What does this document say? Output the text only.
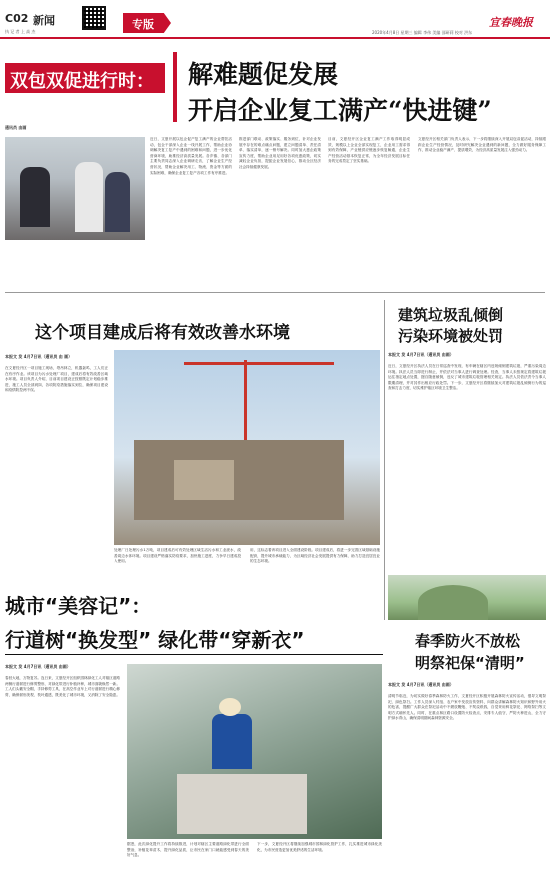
C02 新闻
执 记 者 上 高 杰
专版	宜春晚报
2020年4月8日 星期三 编辑 李伟 美编 邵研莉 校对 洪东
双包双促进行时： 解难题促发展
开启企业复工满产“快进键”
通讯员 由画
近日，文夏开展以包企促产复工满产的企业帮扶活动，包企干部深入企业一线开展工作，帮助企业协调解决复工复产中遇到的困难和问题，进一步优化营商环境，助推经济高质量发展。各乡镇、各部门主要负责同志深入企业调研走访，了解企业生产经营状况，帮助企业解决用工、物流、资金等方面的实际困难，确保企业复工复产各项工作有序推进。
推进部门联动、政策落实、服务到位，针对企业发展中存在的难点痛点问题，建立问题清单、责任清单、落实清单，逐一销号解决。同时加大惠企政策宣传力度，帮助企业用足用好各项优惠政策，切实减轻企业负担，提振企业发展信心，推动全区经济社会持续健康发展。
目前，文夏经开区企业复工满产工作取得明显成效，规模以上企业全部实现复工，企业用工需求得到有效保障，产业链供应链逐步恢复畅通，企业生产经营活动基本恢复正常，为全年经济发展目标任务的完成奠定了坚实基础。
文夏经开区相关部门负责人表示，下一步将继续深入开展双包双促活动，持续跟踪企业生产经营情况，及时研究解决企业遇到的新问题，全力做好服务保障工作，推动企业稳产满产、提质增效，为经济高质量发展注入强劲动力。
这个项目建成后将有效改善水环境
本报文 发 4月7日讯（通讯员 由 画）
在文夏经开区一项目施工现场，塔吊林立，机器轰鸣，工人们正在有序作业。该项目为污水处理厂项目，建成后将有效改善区域水环境。项目负责人介绍，目前项目建设正按照既定计划稳步推进，施工人员全部到岗，各项防疫措施落实到位，确保项目建设和疫情防控两不误。
处理厂日处理污水1万吨，项目建成后可有效处理区域生活污水和工业废水，改善周边水体环境。项目建设严格落实防疫要求，加快施工进度，力争早日建成投入使用。
用，这标志着该项目进入全面建设阶段。项目建成后，将进一步完善区域基础设施配套，提升城市承载能力，为区域经济社会发展提供有力保障，助力打造宜居宜业的生态环境。
建筑垃圾乱倾倒
污染环境被处罚
本报文 发 4月7日讯（通讯员 由画）
近日，文夏经开区执法人员在日常巡查中发现，有车辆在辖区内违规倾倒建筑垃圾，严重污染周边环境。执法人员当即进行制止，并依法对当事人进行调查处理。经查，当事人未按规定将建筑垃圾运往指定地点处置，擅自随意倾倒，违反了城市建筑垃圾管理相关规定。执法人员依法责令当事人限期清理，并对其作出相应行政处罚。下一步，文夏经开区将继续加大对建筑垃圾乱倾倒行为的巡查和打击力度，切实维护辖区环境卫生整洁。
城市“美容记”：
行道树“换发型” 绿化带“穿新衣”
本报文 发 4月7日讯（通讯员 由画）
春回大地，万物复苏。连日来，文夏经开区组织园林绿化工人对辖区道路两侧行道树进行修剪整形，对绿化带进行补植补种，城市面貌焕然一新。工人们头戴安全帽，手持修剪工具，在高空作业车上对行道树进行精心修剪，确保树形美观、枝叶通透，既美化了城市环境，又消除了安全隐患。
据悉，此次绿化提升工作将持续推进，计划对辖区主要道路绿化带进行全面整治，补植花草苗木，提升绿化品质，让市民在家门口就能感受到春天的美好气息。
下一步，文夏经开区将继续加强城市园林绿化管护工作，扎实推进城市绿化美化，为市民营造更加优美舒适的生活环境。
春季防火不放松
明祭祀保“清明”
本报文 发 4月7日讯（通讯员 由画）
清明节临近，为切实做好春季森林防火工作，文夏经开区积极开展森林防火宣传活动，倡导文明祭祀、绿色祭扫。工作人员深入村组、农户家中发放宣传资料，向群众讲解森林防火知识和野外用火的危害，提醒广大群众在祭祀活动中不燃放鞭炮、不焚烧纸钱，自觉采用鲜花祭祀、网络祭扫等文明方式缅怀先人。同时，在重点林区路口设置防火检查点，安排专人值守，严防火种进山，全力守护绿水青山，确保清明期间森林资源安全。
